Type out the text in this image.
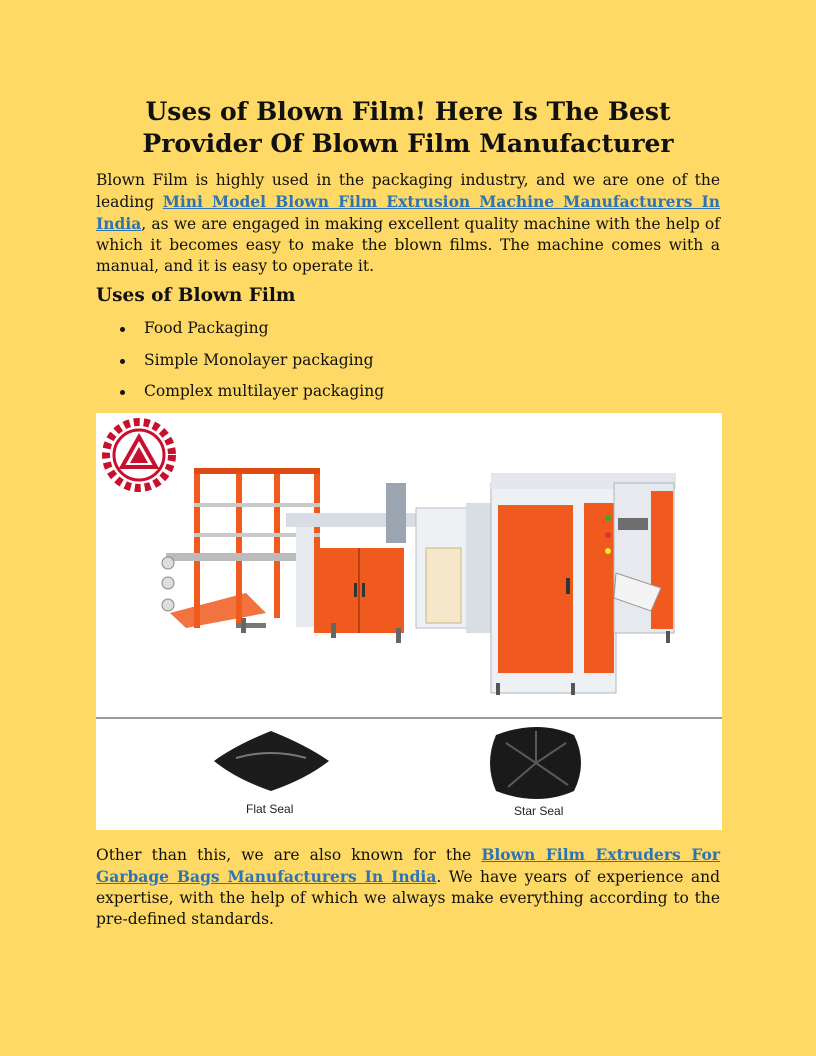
Uses of Blown Film! Here Is The Best Provider Of Blown Film Manufacturer

Blown Film is highly used in the packaging industry, and we are one of the leading Mini Model Blown Film Extrusion Machine Manufacturers In India, as we are engaged in making excellent quality machine with the help of which it becomes easy to make the blown films. The machine comes with a manual, and it is easy to operate it.

Uses of Blown Film
Food Packaging
Simple Monolayer packaging
Complex multilayer packaging
Flat Seal	Star Seal

Other than this, we are also known for the Blown Film Extruders For Garbage Bags Manufacturers In India. We have years of experience and expertise, with the help of which we always make everything according to the pre-defined standards.
